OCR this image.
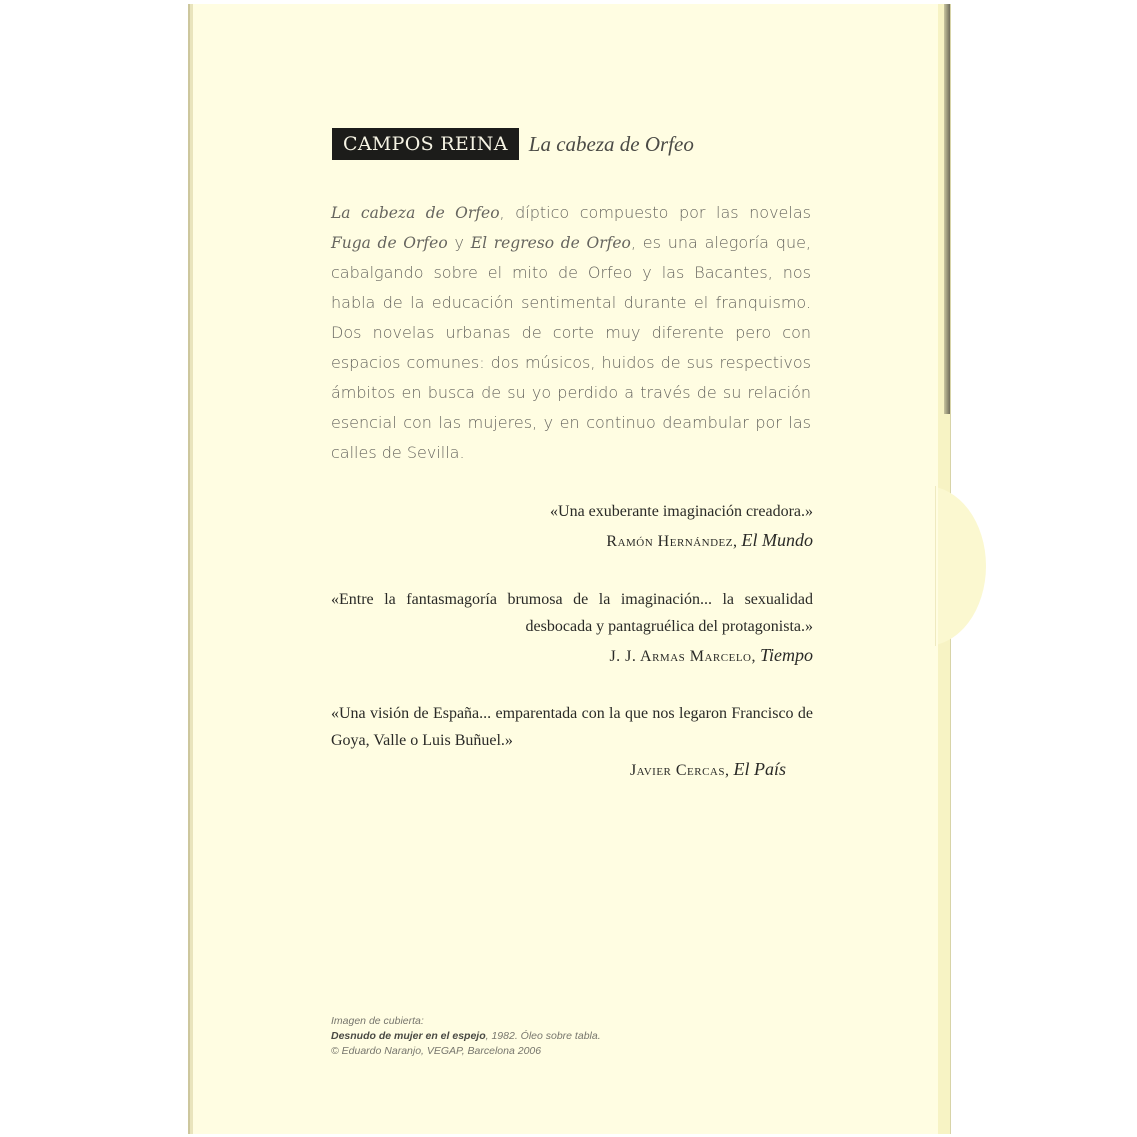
CAMPOS REINA	La cabeza de Orfeo

La cabeza de Orfeo, díptico compuesto por las novelas Fuga de Orfeo y El regreso de Orfeo, es una alegoría que, cabalgando sobre el mito de Orfeo y las Bacantes, nos habla de la educación sentimental durante el franquismo. Dos novelas urbanas de corte muy diferente pero con espacios comunes: dos músicos, huidos de sus respectivos ámbitos en busca de su yo perdido a través de su relación esencial con las mujeres, y en continuo deambular por las calles de Sevilla.

«Una exuberante imaginación creadora.»

Ramón Hernández, El Mundo

«Entre la fantasmagoría brumosa de la imaginación... la sexualidad desbocada y pantagruélica del protagonista.»

J. J. Armas Marcelo, Tiempo

«Una visión de España... emparentada con la que nos legaron Francisco de Goya, Valle o Luis Buñuel.»

Javier Cercas, El País
Imagen de cubierta:
Desnudo de mujer en el espejo, 1982. Óleo sobre tabla.
© Eduardo Naranjo, VEGAP, Barcelona 2006
